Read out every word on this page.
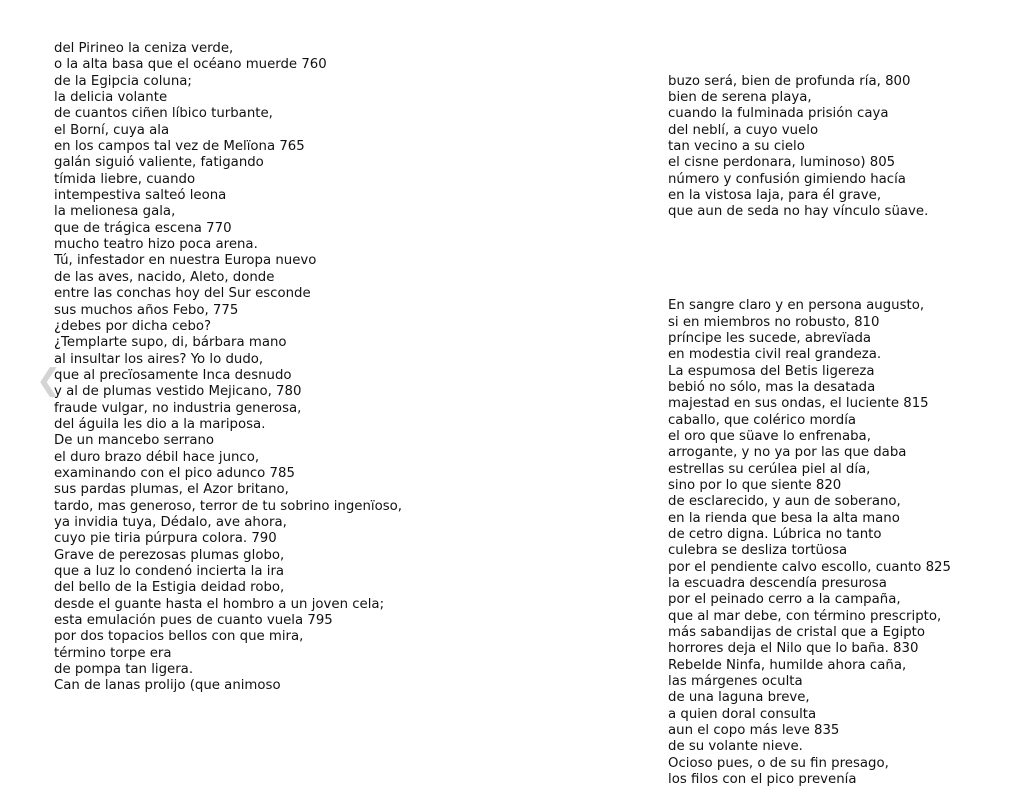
❮
del Pirineo la ceniza verde,
o la alta basa que el océano muerde 760
de la Egipcia coluna;
la delicia volante
de cuantos ciñen líbico turbante,
el Borní, cuya ala
en los campos tal vez de Melïona 765
galán siguió valiente, fatigando
tímida liebre, cuando
intempestiva salteó leona
la melionesa gala,
que de trágica escena 770
mucho teatro hizo poca arena.
Tú, infestador en nuestra Europa nuevo
de las aves, nacido, Aleto, donde
entre las conchas hoy del Sur esconde
sus muchos años Febo, 775
¿debes por dicha cebo?
¿Templarte supo, di, bárbara mano
al insultar los aires? Yo lo dudo,
que al precïosamente Inca desnudo
y al de plumas vestido Mejicano, 780
fraude vulgar, no industria generosa,
del águila les dio a la mariposa.
De un mancebo serrano
el duro brazo débil hace junco,
examinando con el pico adunco 785
sus pardas plumas, el Azor britano,
tardo, mas generoso, terror de tu sobrino ingenïoso,
ya invidia tuya, Dédalo, ave ahora,
cuyo pie tiria púrpura colora. 790
Grave de perezosas plumas globo,
que a luz lo condenó incierta la ira
del bello de la Estigia deidad robo,
desde el guante hasta el hombro a un joven cela;
esta emulación pues de cuanto vuela 795
por dos topacios bellos con que mira,
término torpe era
de pompa tan ligera.
Can de lanas prolijo (que animoso

buzo será, bien de profunda ría, 800
bien de serena playa,
cuando la fulminada prisión caya
del neblí, a cuyo vuelo
tan vecino a su cielo
el cisne perdonara, luminoso) 805
número y confusión gimiendo hacía
en la vistosa laja, para él grave,
que aun de seda no hay vínculo süave.

En sangre claro y en persona augusto,
si en miembros no robusto, 810
príncipe les sucede, abrevïada
en modestia civil real grandeza.
La espumosa del Betis ligereza
bebió no sólo, mas la desatada
majestad en sus ondas, el luciente 815
caballo, que colérico mordía
el oro que süave lo enfrenaba,
arrogante, y no ya por las que daba
estrellas su cerúlea piel al día,
sino por lo que siente 820
de esclarecido, y aun de soberano,
en la rienda que besa la alta mano
de cetro digna. Lúbrica no tanto
culebra se desliza tortüosa
por el pendiente calvo escollo, cuanto 825
la escuadra descendía presurosa
por el peinado cerro a la campaña,
que al mar debe, con término prescripto,
más sabandijas de cristal que a Egipto
horrores deja el Nilo que lo baña. 830
Rebelde Ninfa, humilde ahora caña,
las márgenes oculta
de una laguna breve,
a quien doral consulta
aun el copo más leve 835
de su volante nieve.
Ocioso pues, o de su fin presago,
los filos con el pico prevenía
